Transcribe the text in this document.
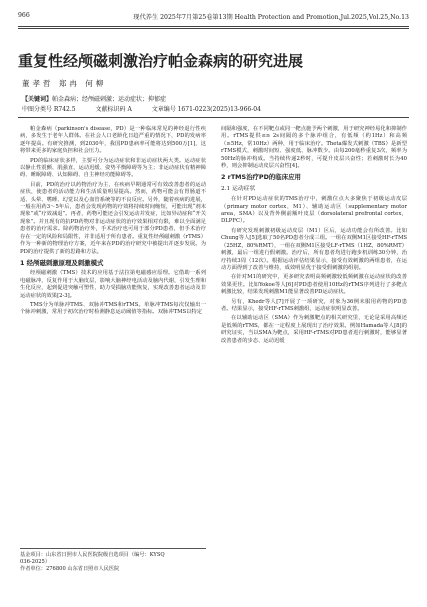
966	现代养生 2025年7月第25卷第13期 Health Protection and Promotion,Jul.2025,Vol.25,No.13
重复性经颅磁刺激治疗帕金森病的研究进展
董孝哲 郑冉 何柳
【关键词】帕金森病；经颅磁刺激；运动症状；抑郁症
中图分类号 R742.5	文献标识码 A	文章编号 1671-0223(2025)13-966-04

帕金森病（parkinson's disease，PD）是一种临床常见的神经退行性疾病，多发生于老年人群体。在社会人口老龄化日趋严重的情况下，PD的发病率逐年提高。有研究推测，到2030年，我国PD患病率可能将达到500万[1]，这将带来更多的家庭负担和社会压力。

PD的临床症状多样，主要可分为运动症状和非运动症状两大类。运动症状以静止性震颤、肌强直、运动迟缓、姿势平衡障碍等为主；非运动症状有精神障碍、睡眠障碍、认知障碍、自主神经功能障碍等。

目前，PD的治疗以药物治疗为主，在疾病早期通常可有效改善患者的运动症状，使患者的活动能力和生活质量明显提高。然而，药物可能会有胃肠道不适、头晕、嗜睡、幻觉以及心血管系统等的不良反应。另外，随着疾病的进展，一般在用药3～5年后，患者会发现药物的疗效将持续时间缩短，可能出现“剂末现象”或“疗效减退”。再者，药物可能还会引发运动并发症，比如异动症和“开关现象”。并且现有的抗PD药物对非运动症状的治疗效果相对有限，难以全面满足患者的治疗需求。除药物治疗外，手术治疗也可用于部分PD患者，但手术治疗存在一定的风险和局限性，并非适用于所有患者。重复性经颅磁刺激（rTMS）作为一种新的物理治疗方案，近年来在PD的治疗研究中被提出并逐步发展。为PD的治疗提供了新的思路和方法。

1 经颅磁刺激原理及刺激模式

经颅磁刺激（TMS）技术的应用基于法拉第电磁感应原理。它借助一系列电磁脉冲，反复作用于大脑皮层，影响大脑神经电活动及脑内代谢，引发生理和生化反应，起到促进突触可塑性，助力受损脑功能恢复，实现改善患者运动及非运动症状的效果[2-3]。

TMS分为单脉冲TMS、双脉冲TMS和rTMS。单脉冲TMS每次仅输出一个脉冲刺激，常用于初次治疗时检测静息运动阈值等指标。双脉冲TMS以特定

间隔和强度，在不同靶点或同一靶点施予两个刺激，用于研究神经易化和抑制作用。rTMS提供≤≥ 2s间隔的多个脉冲组合，有低频（约1Hz）和高频（≥5Hz，常10Hz）两种，用于临床治疗。Theta爆发式刺激（TBS）是新型rTMS模式，刺激时间短、强度低、脉冲数少。由每200毫秒重复3次，频率为50Hz的脉冲构成。当持续传递2秒时，可提升皮层兴奋性；若刺激时长为40秒，则会抑制运动皮层兴奋性[4]。

2 rTMS治疗PD的临床应用
2.1 运动症状

在针对PD运动症状的TMS治疗中，刺激位点大多聚焦于初级运动皮层（primary motor cortex，M1）、辅助运动区（supplementary motor area，SMA）以及背外侧前额叶皮层（dorsolateral prefrontal cortex，DLPFC）。

有研究发现刺激初级运动皮层（M1）区后，运动功能会有所改善。比如Chung等人[5]选取了50名PD患者分成三组。一组在双侧M1区接受HF-rTMS（25HZ，80%RMT），一组在双侧M1区接受LF-rTMS（1HZ，80%RMT）刺激，最后一组进行假刺激。治疗后，所有患者均进行跑步机训练30分钟，治疗持续3周（12次）。根据运动评估结果显示，接受有效刺激的两组患者，在运动方面得到了改善与维持，成效明显优于接受假刺激的组别。

在针对M1的研究中，更多研究表明高频刺激较低频刺激在运动症状的改善效果更佳。比如Yokoe等人[6]对PD患者使用10Hz的rTMS序列进行了多靶点刺激比较，结果发现刺激M1能显著改善PD运动症状。

另有，Khedr等人[7]开展了一项研究，对象为36例未服用药物的PD患者。结果显示，接受HF-rTMS刺激组，运动症状明显改善。

在以辅助运动区（SMA）作为刺激靶点的相关研究里，无论是采用高频还是低频的rTMS，都在一定程度上展现出了治疗效果。例如Hamada等人[8]的研究证实，当以SMA为靶点，采用HF-rTMS对PD患者进行刺激时，能够显著改善患者的步态、运动迟缓

基金项目：山东省日照市人民医院院级自选项目（编号：KYSQ
036-2025）
作者单位：276800 山东省日照市人民医院
